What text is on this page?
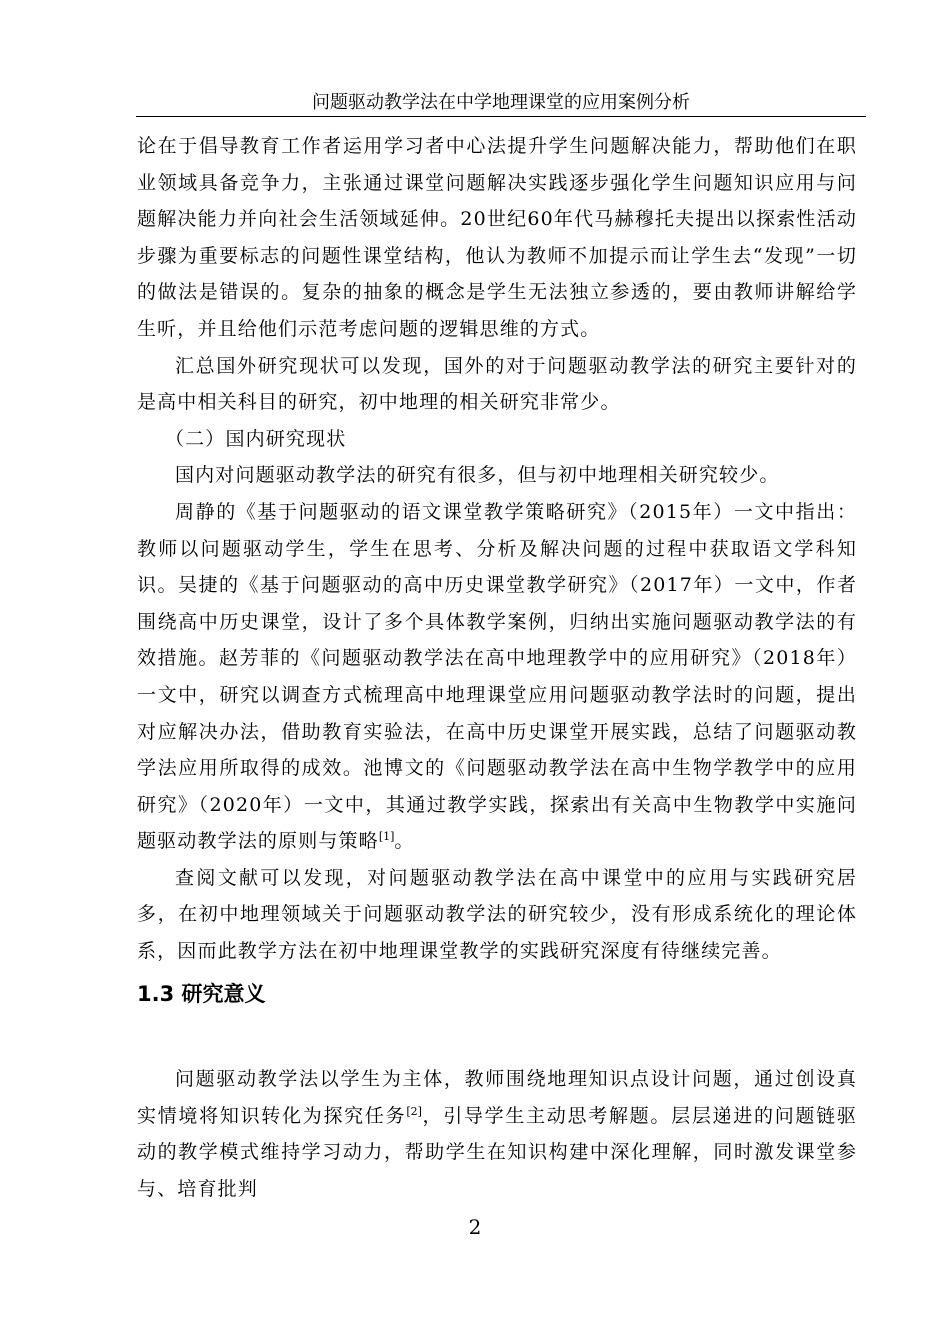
问题驱动教学法在中学地理课堂的应用案例分析

论在于倡导教育工作者运用学习者中心法提升学生问题解决能力，帮助他们在职业领域具备竞争力，主张通过课堂问题解决实践逐步强化学生问题知识应用与问题解决能力并向社会生活领域延伸。20世纪60年代马赫穆托夫提出以探索性活动步骤为重要标志的问题性课堂结构，他认为教师不加提示而让学生去“发现”一切的做法是错误的。复杂的抽象的概念是学生无法独立参透的，要由教师讲解给学生听，并且给他们示范考虑问题的逻辑思维的方式。

汇总国外研究现状可以发现，国外的对于问题驱动教学法的研究主要针对的是高中相关科目的研究，初中地理的相关研究非常少。

（二）国内研究现状

国内对问题驱动教学法的研究有很多，但与初中地理相关研究较少。

周静的《基于问题驱动的语文课堂教学策略研究》（2015年）一文中指出：教师以问题驱动学生，学生在思考、分析及解决问题的过程中获取语文学科知识。吴捷的《基于问题驱动的高中历史课堂教学研究》（2017年）一文中，作者围绕高中历史课堂，设计了多个具体教学案例，归纳出实施问题驱动教学法的有效措施。赵芳菲的《问题驱动教学法在高中地理教学中的应用研究》（2018年）一文中，研究以调查方式梳理高中地理课堂应用问题驱动教学法时的问题，提出对应解决办法，借助教育实验法，在高中历史课堂开展实践，总结了问题驱动教学法应用所取得的成效。池博文的《问题驱动教学法在高中生物学教学中的应用研究》（2020年）一文中，其通过教学实践，探索出有关高中生物教学中实施问题驱动教学法的原则与策略[1]。

查阅文献可以发现，对问题驱动教学法在高中课堂中的应用与实践研究居多，在初中地理领域关于问题驱动教学法的研究较少，没有形成系统化的理论体系，因而此教学方法在初中地理课堂教学的实践研究深度有待继续完善。

1.3 研究意义

问题驱动教学法以学生为主体，教师围绕地理知识点设计问题，通过创设真实情境将知识转化为探究任务[2]，引导学生主动思考解题。层层递进的问题链驱动的教学模式维持学习动力，帮助学生在知识构建中深化理解，同时激发课堂参与、培育批判

2
